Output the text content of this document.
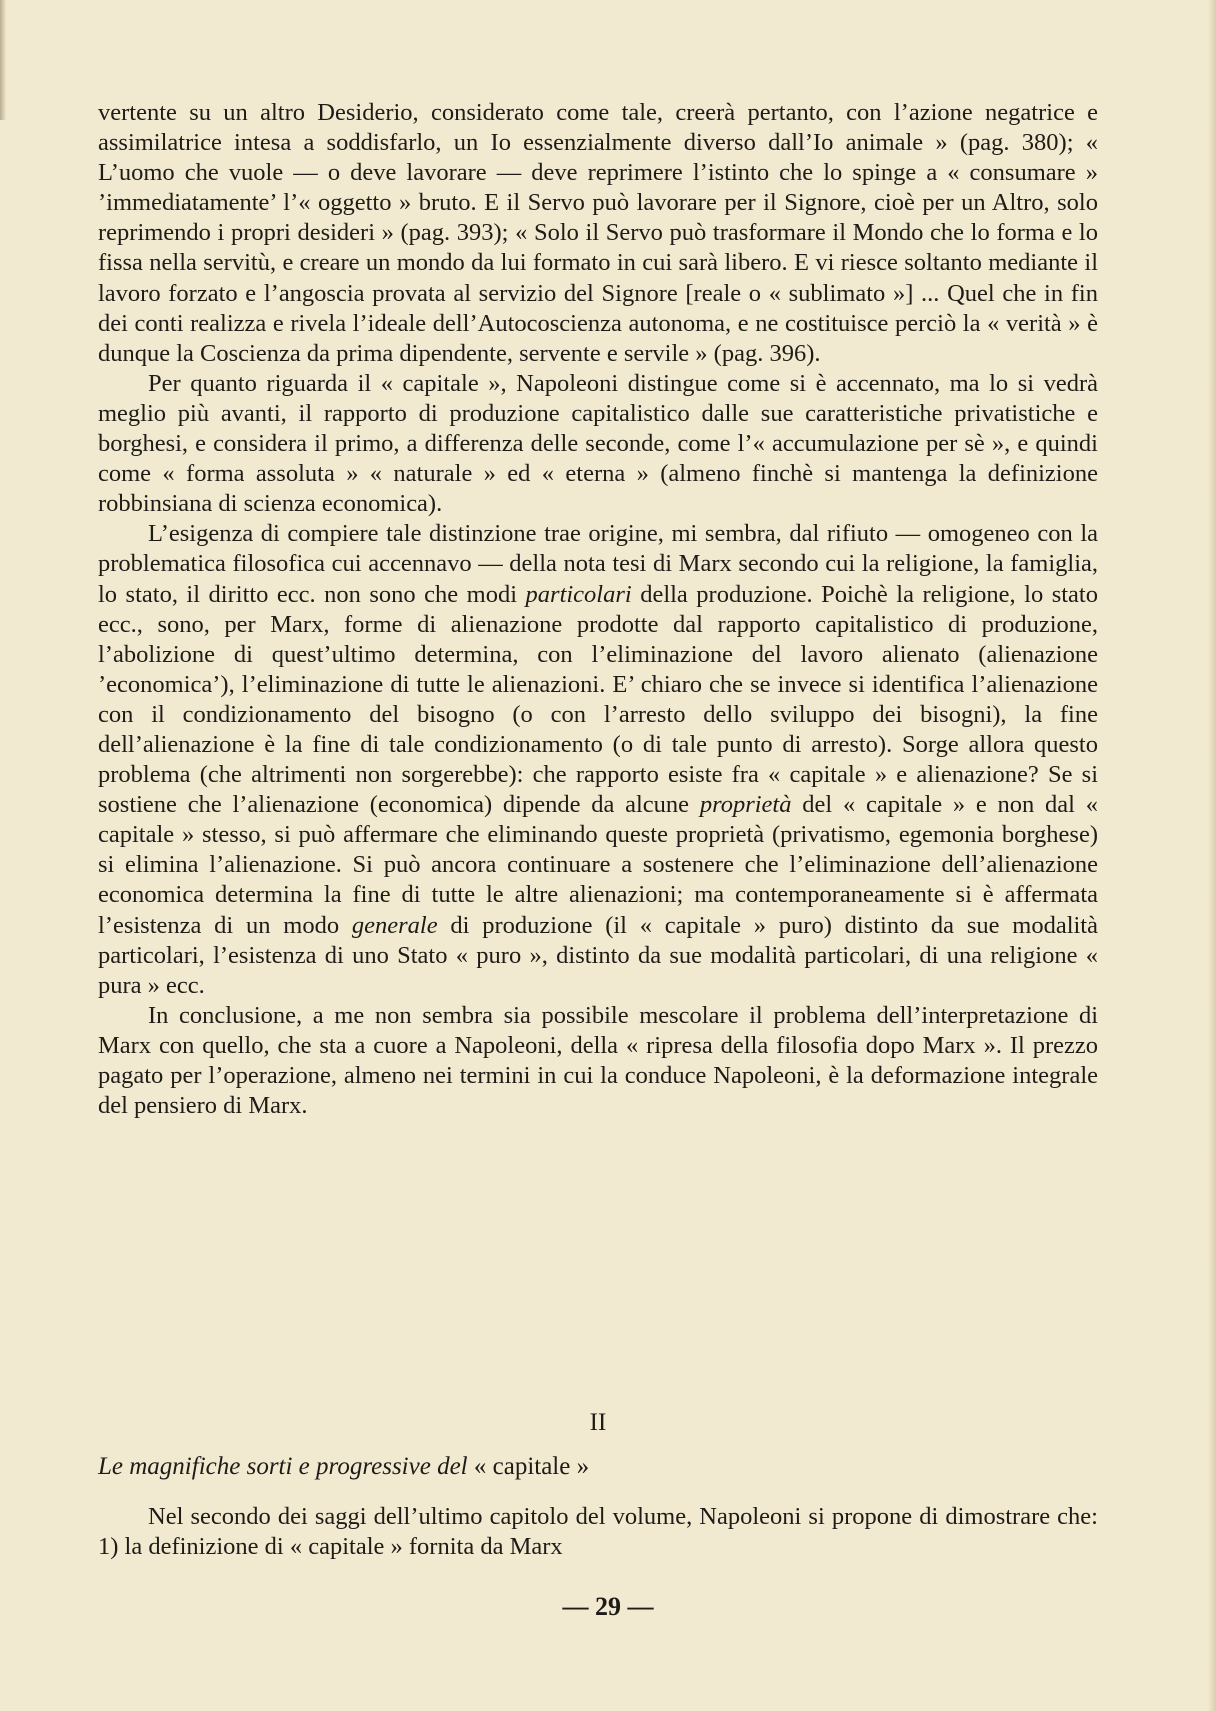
vertente su un altro Desiderio, considerato come tale, creerà pertanto, con l’azione negatrice e assimilatrice intesa a soddisfarlo, un Io essenzialmente diverso dall’Io animale » (pag. 380); « L’uomo che vuole — o deve lavorare — deve reprimere l’istinto che lo spinge a « consumare » ’immediatamente’ l’« oggetto » bruto. E il Servo può lavorare per il Signore, cioè per un Altro, solo reprimendo i propri desideri » (pag. 393); « Solo il Servo può trasformare il Mondo che lo forma e lo fissa nella servitù, e creare un mondo da lui formato in cui sarà libero. E vi riesce soltanto mediante il lavoro forzato e l’angoscia provata al servizio del Signore [reale o « sublimato »] ... Quel che in fin dei conti realizza e rivela l’ideale dell’Autocoscienza autonoma, e ne costituisce perciò la « verità » è dunque la Coscienza da prima dipendente, servente e servile » (pag. 396).

Per quanto riguarda il « capitale », Napoleoni distingue come si è accennato, ma lo si vedrà meglio più avanti, il rapporto di produzione capitalistico dalle sue caratteristiche privatistiche e borghesi, e considera il primo, a differenza delle seconde, come l’« accumulazione per sè », e quindi come « forma assoluta » « naturale » ed « eterna » (almeno finchè si mantenga la definizione robbinsiana di scienza economica).

L’esigenza di compiere tale distinzione trae origine, mi sembra, dal rifiuto — omogeneo con la problematica filosofica cui accennavo — della nota tesi di Marx secondo cui la religione, la famiglia, lo stato, il diritto ecc. non sono che modi particolari della produzione. Poichè la religione, lo stato ecc., sono, per Marx, forme di alienazione prodotte dal rapporto capitalistico di produzione, l’abolizione di quest’ultimo determina, con l’eliminazione del lavoro alienato (alienazione ’economica’), l’eliminazione di tutte le alienazioni. E’ chiaro che se invece si identifica l’alienazione con il condizionamento del bisogno (o con l’arresto dello sviluppo dei bisogni), la fine dell’alienazione è la fine di tale condizionamento (o di tale punto di arresto). Sorge allora questo problema (che altrimenti non sorgerebbe): che rapporto esiste fra « capitale » e alienazione? Se si sostiene che l’alienazione (economica) dipende da alcune proprietà del « capitale » e non dal « capitale » stesso, si può affermare che eliminando queste proprietà (privatismo, egemonia borghese) si elimina l’alienazione. Si può ancora continuare a sostenere che l’eliminazione dell’alienazione economica determina la fine di tutte le altre alienazioni; ma contemporaneamente si è affermata l’esistenza di un modo generale di produzione (il « capitale » puro) distinto da sue modalità particolari, l’esistenza di uno Stato « puro », distinto da sue modalità particolari, di una religione « pura » ecc.

In conclusione, a me non sembra sia possibile mescolare il problema dell’interpretazione di Marx con quello, che sta a cuore a Napoleoni, della « ripresa della filosofia dopo Marx ». Il prezzo pagato per l’operazione, almeno nei termini in cui la conduce Napoleoni, è la deformazione integrale del pensiero di Marx.

II
Le magnifiche sorti e progressive del « capitale »

Nel secondo dei saggi dell’ultimo capitolo del volume, Napoleoni si propone di dimostrare che: 1) la definizione di « capitale » fornita da Marx

— 29 —
